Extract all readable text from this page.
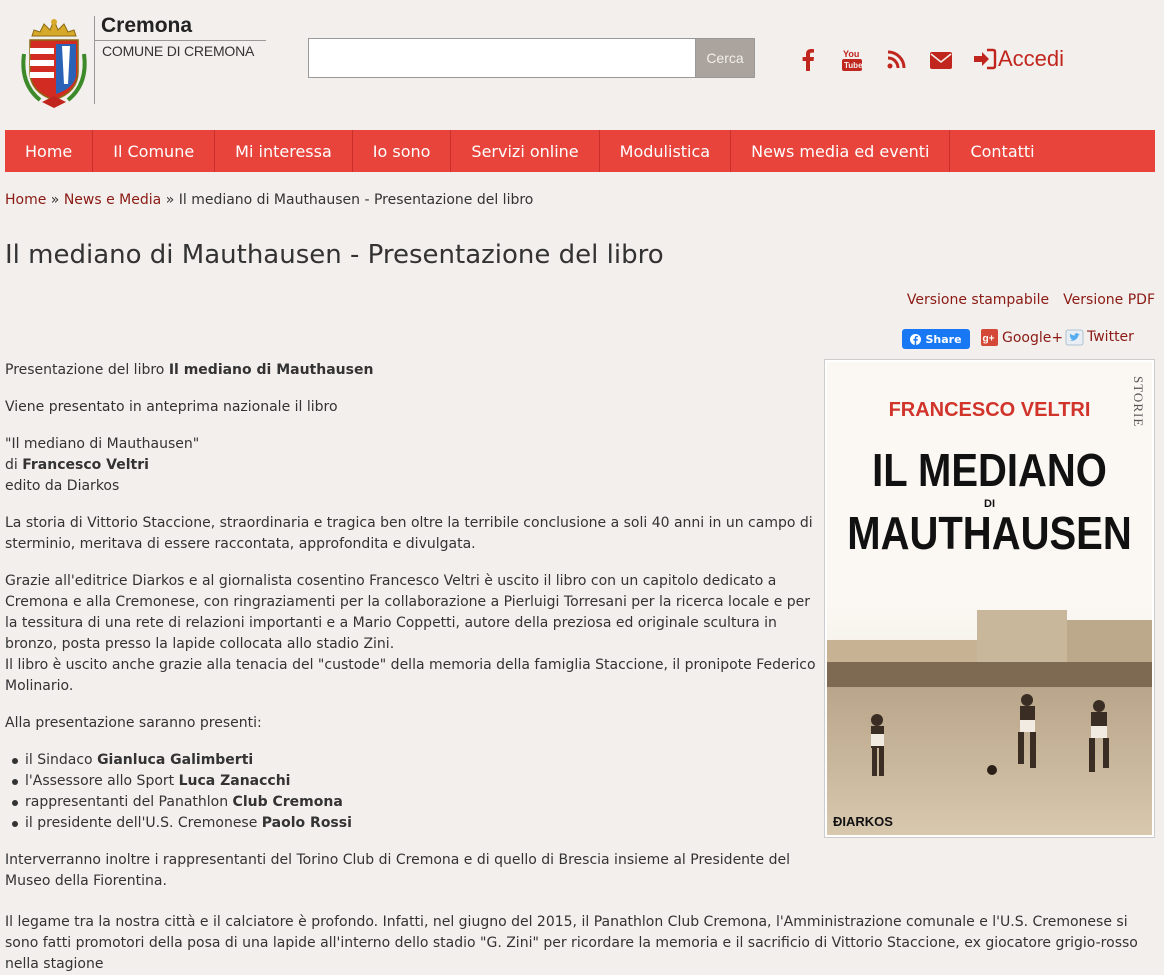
Cremona
COMUNE DI CREMONA	Cerca	You
Tube	Accedi
Home	Il Comune	Mi interessa	Io sono	Servizi online	Modulistica	News media ed eventi	Contatti
Home » News e Media » Il mediano di Mauthausen - Presentazione del libro
Il mediano di Mauthausen - Presentazione del libro
Versione stampabile Versione PDF
Share g+ Google+ Twitter

Presentazione del libro Il mediano di Mauthausen

Viene presentato in anteprima nazionale il libro

"Il mediano di Mauthausen"
di Francesco Veltri
edito da Diarkos

La storia di Vittorio Staccione, straordinaria e tragica ben oltre la terribile conclusione a soli 40 anni in un campo di sterminio, meritava di essere raccontata, approfondita e divulgata.

Grazie all'editrice Diarkos e al giornalista cosentino Francesco Veltri è uscito il libro con un capitolo dedicato a Cremona e alla Cremonese, con ringraziamenti per la collaborazione a Pierluigi Torresani per la ricerca locale e per la tessitura di una rete di relazioni importanti e a Mario Coppetti, autore della preziosa ed originale scultura in bronzo, posta presso la lapide collocata allo stadio Zini.
Il libro è uscito anche grazie alla tenacia del "custode" della memoria della famiglia Staccione, il pronipote Federico Molinario.

Alla presentazione saranno presenti:

il Sindaco Gianluca Galimberti
l'Assessore allo Sport Luca Zanacchi
rappresentanti del Panathlon Club Cremona
il presidente dell'U.S. Cremonese Paolo Rossi

Interverranno inoltre i rappresentanti del Torino Club di Cremona e di quello di Brescia insieme al Presidente del Museo della Fiorentina.

Il legame tra la nostra città e il calciatore è profondo. Infatti, nel giugno del 2015, il Panathlon Club Cremona, l'Amministrazione comunale e l'U.S. Cremonese si sono fatti promotori della posa di una lapide all'interno dello stadio "G. Zini" per ricordare la memoria e il sacrificio di Vittorio Staccione, ex giocatore grigio-rosso nella stagione
STORIE
FRANCESCO VELTRI
IL MEDIANO
DI
MAUTHAUSEN
ÐIARKOS
